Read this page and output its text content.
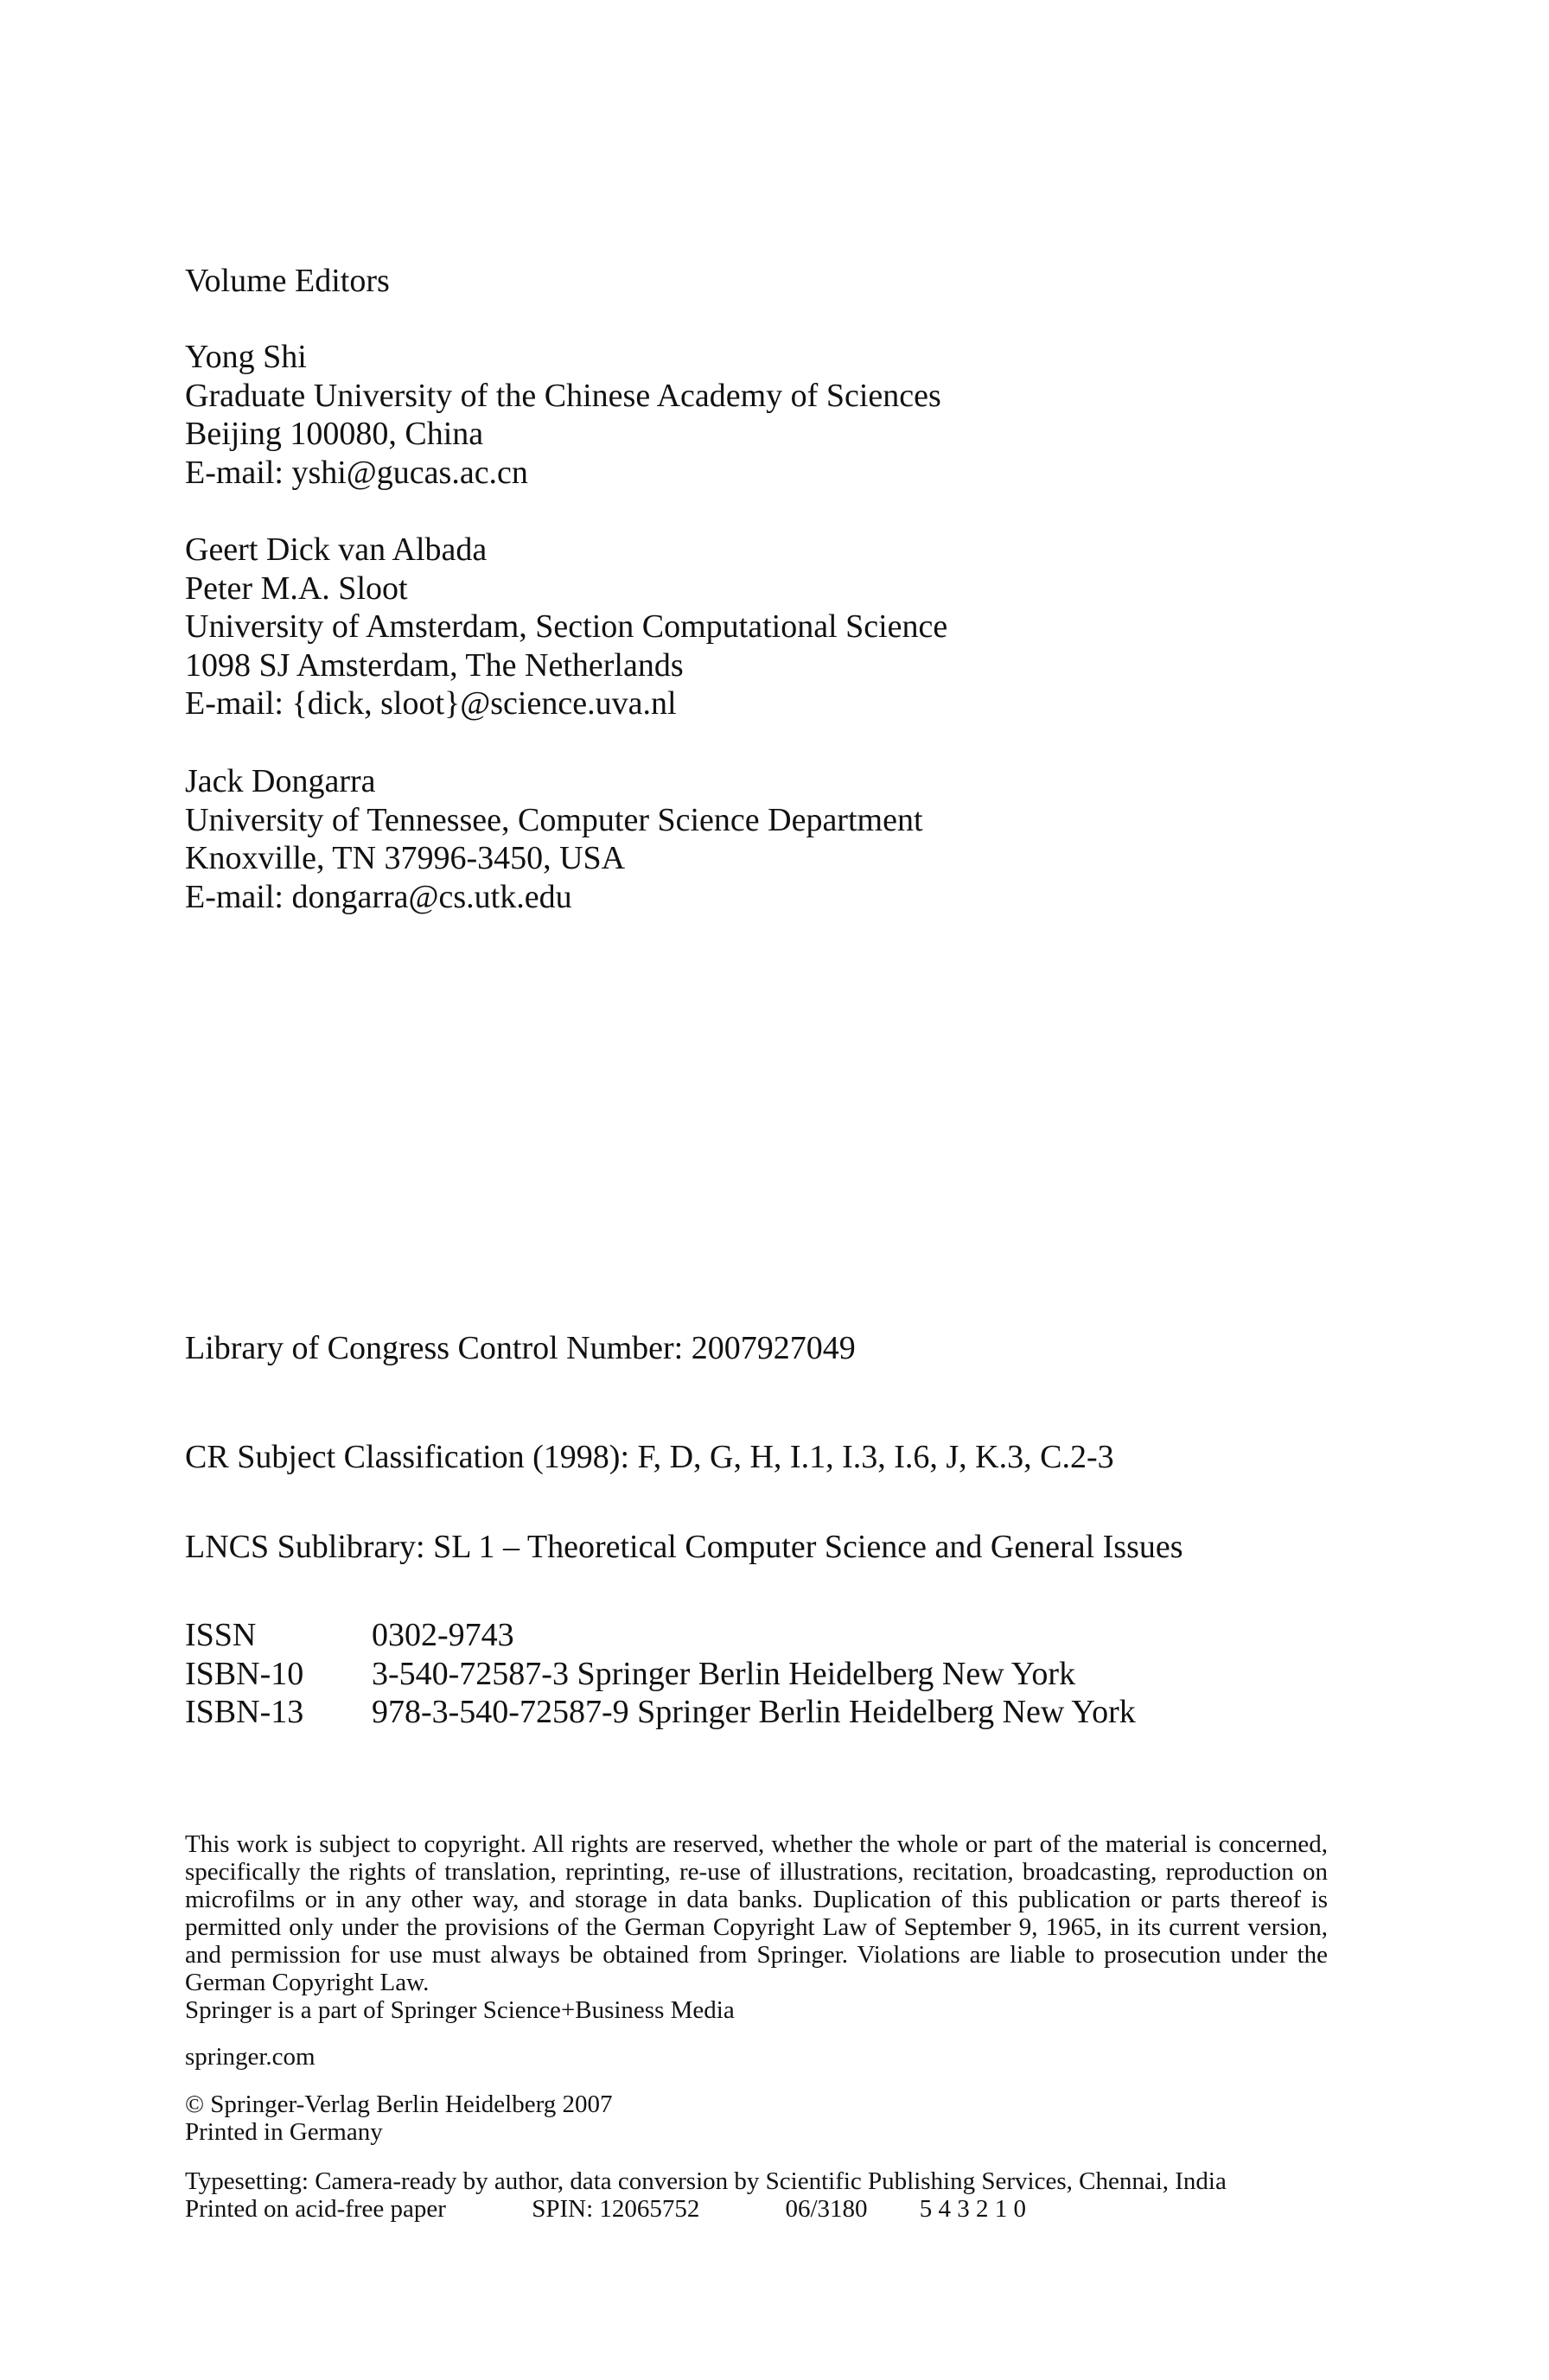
Volume Editors
Yong Shi
Graduate University of the Chinese Academy of Sciences
Beijing 100080, China
E-mail: yshi@gucas.ac.cn
Geert Dick van Albada
Peter M.A. Sloot
University of Amsterdam, Section Computational Science
1098 SJ Amsterdam, The Netherlands
E-mail: {dick, sloot}@science.uva.nl
Jack Dongarra
University of Tennessee, Computer Science Department
Knoxville, TN 37996-3450, USA
E-mail: dongarra@cs.utk.edu
Library of Congress Control Number: 2007927049
CR Subject Classification (1998): F, D, G, H, I.1, I.3, I.6, J, K.3, C.2-3
LNCS Sublibrary: SL 1 – Theoretical Computer Science and General Issues
ISSN	0302-9743
ISBN-10	3-540-72587-3 Springer Berlin Heidelberg New York
ISBN-13	978-3-540-72587-9 Springer Berlin Heidelberg New York

This work is subject to copyright. All rights are reserved, whether the whole or part of the material is concerned, specifically the rights of translation, reprinting, re-use of illustrations, recitation, broadcasting, reproduction on microfilms or in any other way, and storage in data banks. Duplication of this publication or parts thereof is permitted only under the provisions of the German Copyright Law of September 9, 1965, in its current version, and permission for use must always be obtained from Springer. Violations are liable to prosecution under the German Copyright Law.

Springer is a part of Springer Science+Business Media
springer.com
© Springer-Verlag Berlin Heidelberg 2007
Printed in Germany
Typesetting: Camera-ready by author, data conversion by Scientific Publishing Services, Chennai, India
Printed on acid-free paper	SPIN: 12065752	06/3180 5 4 3 2 1 0
